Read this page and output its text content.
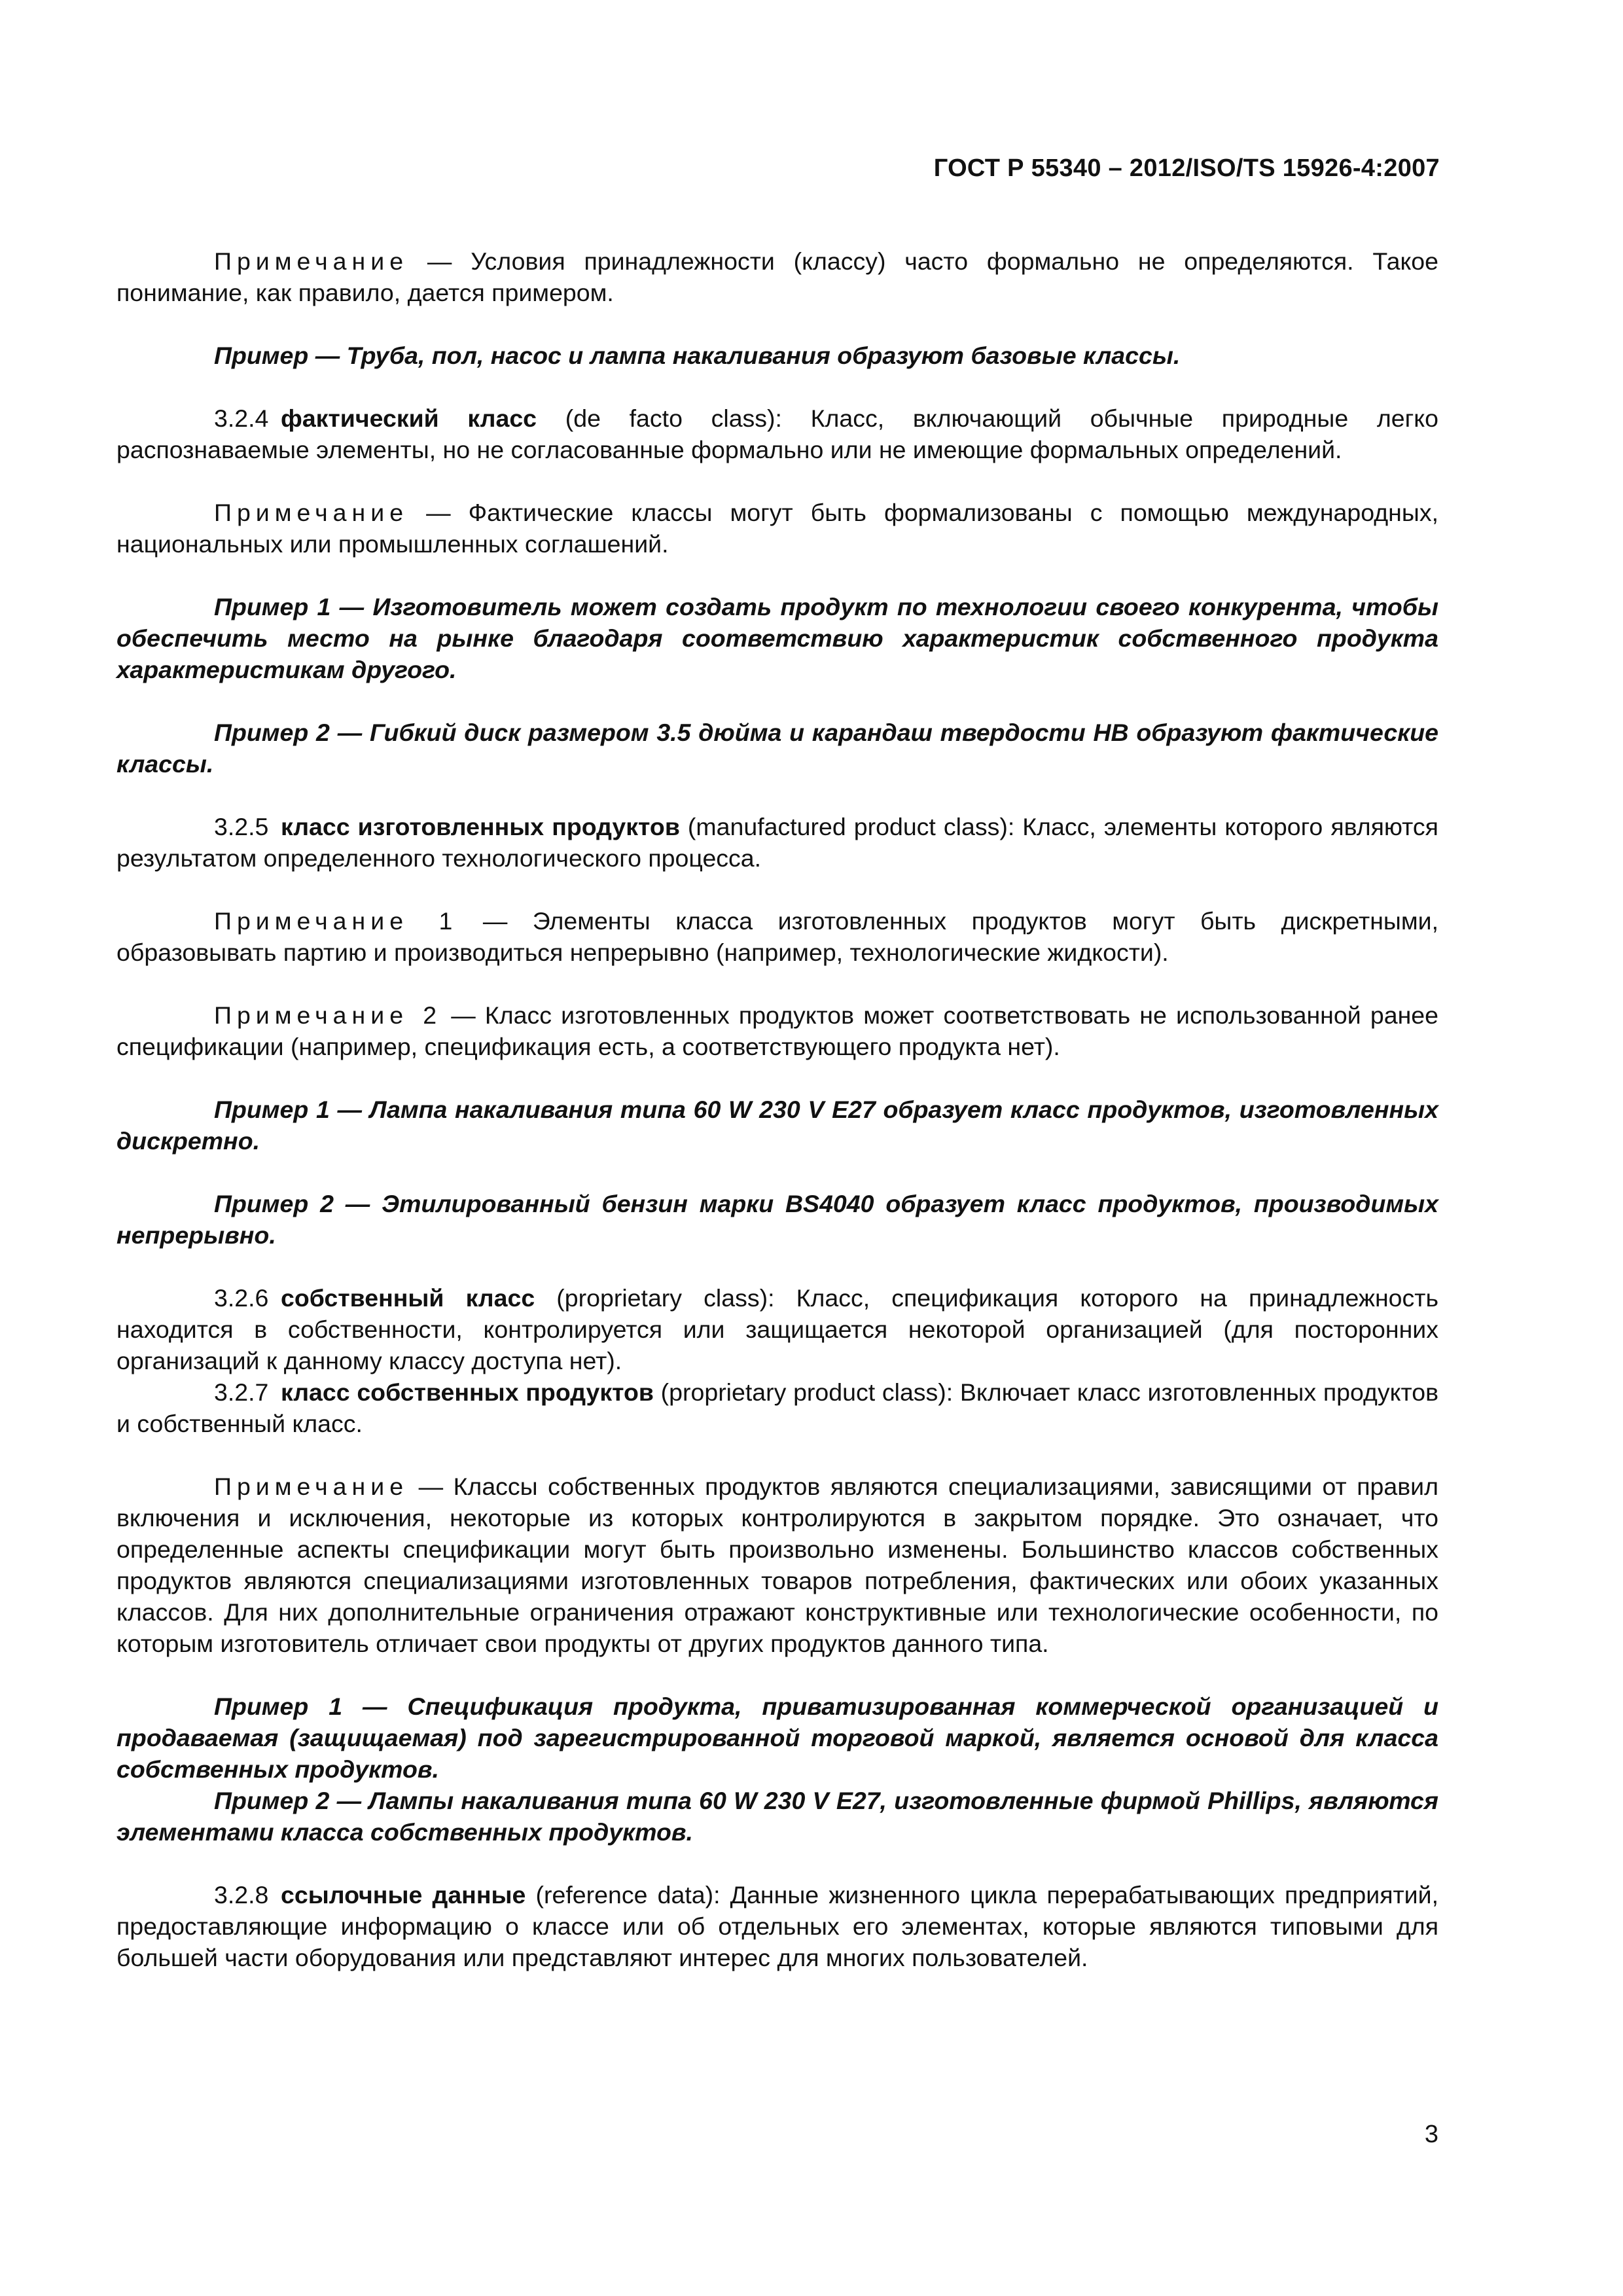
ГОСТ Р 55340 – 2012/ISO/TS 15926-4:2007

Примечание — Условия принадлежности (классу) часто формально не определяются. Такое понимание, как правило, дается примером.

Пример — Труба, пол, насос и лампа накаливания образуют базовые классы.

3.2.4 фактический класс (de facto class): Класс, включающий обычные природные легко распознаваемые элементы, но не согласованные формально или не имеющие формальных определений.

Примечание — Фактические классы могут быть формализованы с помощью международных, национальных или промышленных соглашений.

Пример 1 — Изготовитель может создать продукт по технологии своего конкурента, чтобы обеспечить место на рынке благодаря соответствию характеристик собственного продукта характеристикам другого.

Пример 2 — Гибкий диск размером 3.5 дюйма и карандаш твердости HB образуют фактические классы.

3.2.5 класс изготовленных продуктов (manufactured product class): Класс, элементы которого являются результатом определенного технологического процесса.

Примечание 1 — Элементы класса изготовленных продуктов могут быть дискретными, образовывать партию и производиться непрерывно (например, технологические жидкости).

Примечание 2 — Класс изготовленных продуктов может соответствовать не использованной ранее спецификации (например, спецификация есть, а соответствующего продукта нет).

Пример 1 — Лампа накаливания типа 60 W 230 V E27 образует класс продуктов, изготовленных дискретно.

Пример 2 — Этилированный бензин марки BS4040 образует класс продуктов, производимых непрерывно.

3.2.6 собственный класс (proprietary class): Класс, спецификация которого на принадлежность находится в собственности, контролируется или защищается некоторой организацией (для посторонних организаций к данному классу доступа нет).

3.2.7 класс собственных продуктов (proprietary product class): Включает класс изготовленных продуктов и собственный класс.

Примечание — Классы собственных продуктов являются специализациями, зависящими от правил включения и исключения, некоторые из которых контролируются в закрытом порядке. Это означает, что определенные аспекты спецификации могут быть произвольно изменены. Большинство классов собственных продуктов являются специализациями изготовленных товаров потребления, фактических или обоих указанных классов. Для них дополнительные ограничения отражают конструктивные или технологические особенности, по которым изготовитель отличает свои продукты от других продуктов данного типа.

Пример 1 — Спецификация продукта, приватизированная коммерческой организацией и продаваемая (защищаемая) под зарегистрированной торговой маркой, является основой для класса собственных продуктов.

Пример 2 — Лампы накаливания типа 60 W 230 V E27, изготовленные фирмой Phillips, являются элементами класса собственных продуктов.

3.2.8 ссылочные данные (reference data): Данные жизненного цикла перерабатывающих предприятий, предоставляющие информацию о классе или об отдельных его элементах, которые являются типовыми для большей части оборудования или представляют интерес для многих пользователей.

3
